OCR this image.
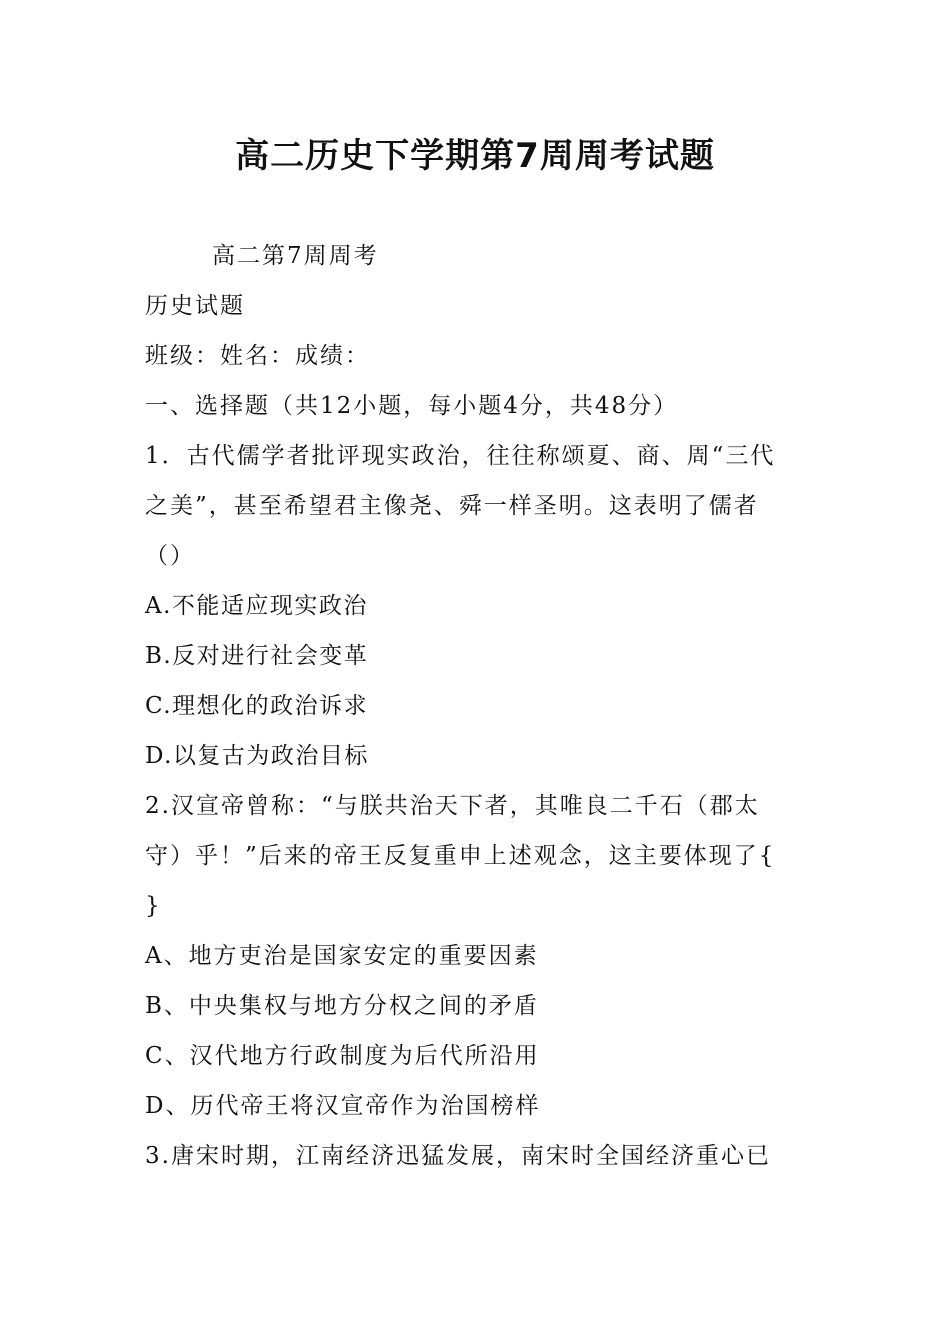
高二历史下学期第7周周考试题
高二第7周周考
历史试题
班级：姓名：成绩：
一、选择题（共12小题，每小题4分，共48分）
1．古代儒学者批评现实政治，往往称颂夏、商、周“三代
之美”，甚至希望君主像尧、舜一样圣明。这表明了儒者
（）
A.不能适应现实政治
B.反对进行社会变革
C.理想化的政治诉求
D.以复古为政治目标
2.汉宣帝曾称：“与朕共治天下者，其唯良二千石（郡太
守）乎！”后来的帝王反复重申上述观念，这主要体现了{
}
A、地方吏治是国家安定的重要因素
B、中央集权与地方分权之间的矛盾
C、汉代地方行政制度为后代所沿用
D、历代帝王将汉宣帝作为治国榜样
3.唐宋时期，江南经济迅猛发展，南宋时全国经济重心已
